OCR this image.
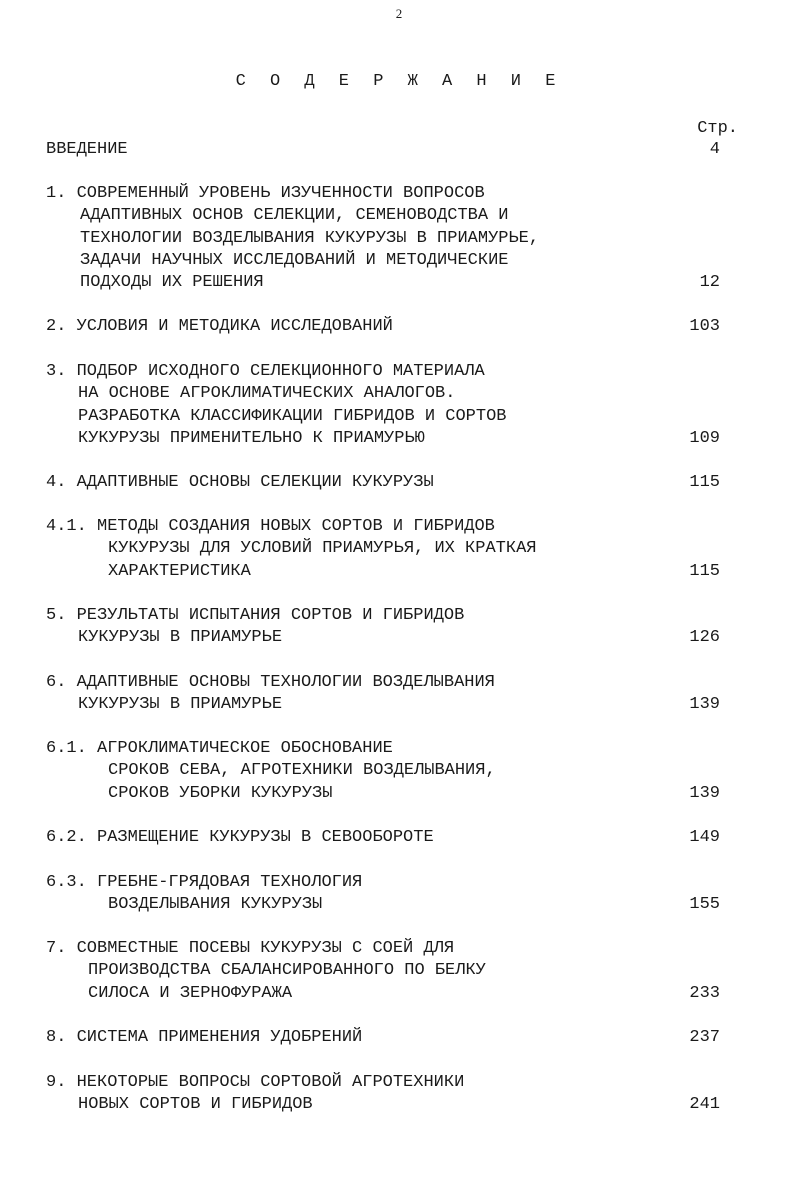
2
С О Д Е Р Ж А Н И Е
Стр.
ВВЕДЕНИЕ	4
1. СОВРЕМЕННЫЙ УРОВЕНЬ ИЗУЧЕННОСТИ ВОПРОСОВ
АДАПТИВНЫХ ОСНОВ СЕЛЕКЦИИ, СЕМЕНОВОДСТВА И
ТЕХНОЛОГИИ ВОЗДЕЛЫВАНИЯ КУКУРУЗЫ В ПРИАМУРЬЕ,
ЗАДАЧИ НАУЧНЫХ ИССЛЕДОВАНИЙ И МЕТОДИЧЕСКИЕ
ПОДХОДЫ ИХ РЕШЕНИЯ	12
2. УСЛОВИЯ И МЕТОДИКА ИССЛЕДОВАНИЙ	103
3. ПОДБОР ИСХОДНОГО СЕЛЕКЦИОННОГО МАТЕРИАЛА
НА ОСНОВЕ АГРОКЛИМАТИЧЕСКИХ АНАЛОГОВ.
РАЗРАБОТКА КЛАССИФИКАЦИИ ГИБРИДОВ И СОРТОВ
КУКУРУЗЫ ПРИМЕНИТЕЛЬНО К ПРИАМУРЬЮ	109
4. АДАПТИВНЫЕ ОСНОВЫ СЕЛЕКЦИИ КУКУРУЗЫ	115
4.1. МЕТОДЫ СОЗДАНИЯ НОВЫХ СОРТОВ И ГИБРИДОВ
КУКУРУЗЫ ДЛЯ УСЛОВИЙ ПРИАМУРЬЯ, ИХ КРАТКАЯ
ХАРАКТЕРИСТИКА	115
5. РЕЗУЛЬТАТЫ ИСПЫТАНИЯ СОРТОВ И ГИБРИДОВ
КУКУРУЗЫ В ПРИАМУРЬЕ	126
6. АДАПТИВНЫЕ ОСНОВЫ ТЕХНОЛОГИИ ВОЗДЕЛЫВАНИЯ
КУКУРУЗЫ В ПРИАМУРЬЕ	139
6.1. АГРОКЛИМАТИЧЕСКОЕ ОБОСНОВАНИЕ
СРОКОВ СЕВА, АГРОТЕХНИКИ ВОЗДЕЛЫВАНИЯ,
СРОКОВ УБОРКИ КУКУРУЗЫ	139
6.2. РАЗМЕЩЕНИЕ КУКУРУЗЫ В СЕВООБОРОТЕ	149
6.3. ГРЕБНЕ-ГРЯДОВАЯ ТЕХНОЛОГИЯ
ВОЗДЕЛЫВАНИЯ КУКУРУЗЫ	155
7. СОВМЕСТНЫЕ ПОСЕВЫ КУКУРУЗЫ С СОЕЙ ДЛЯ
ПРОИЗВОДСТВА СБАЛАНСИРОВАННОГО ПО БЕЛКУ
СИЛОСА И ЗЕРНОФУРАЖА	233
8. СИСТЕМА ПРИМЕНЕНИЯ УДОБРЕНИЙ	237
9. НЕКОТОРЫЕ ВОПРОСЫ СОРТОВОЙ АГРОТЕХНИКИ
НОВЫХ СОРТОВ И ГИБРИДОВ	241
